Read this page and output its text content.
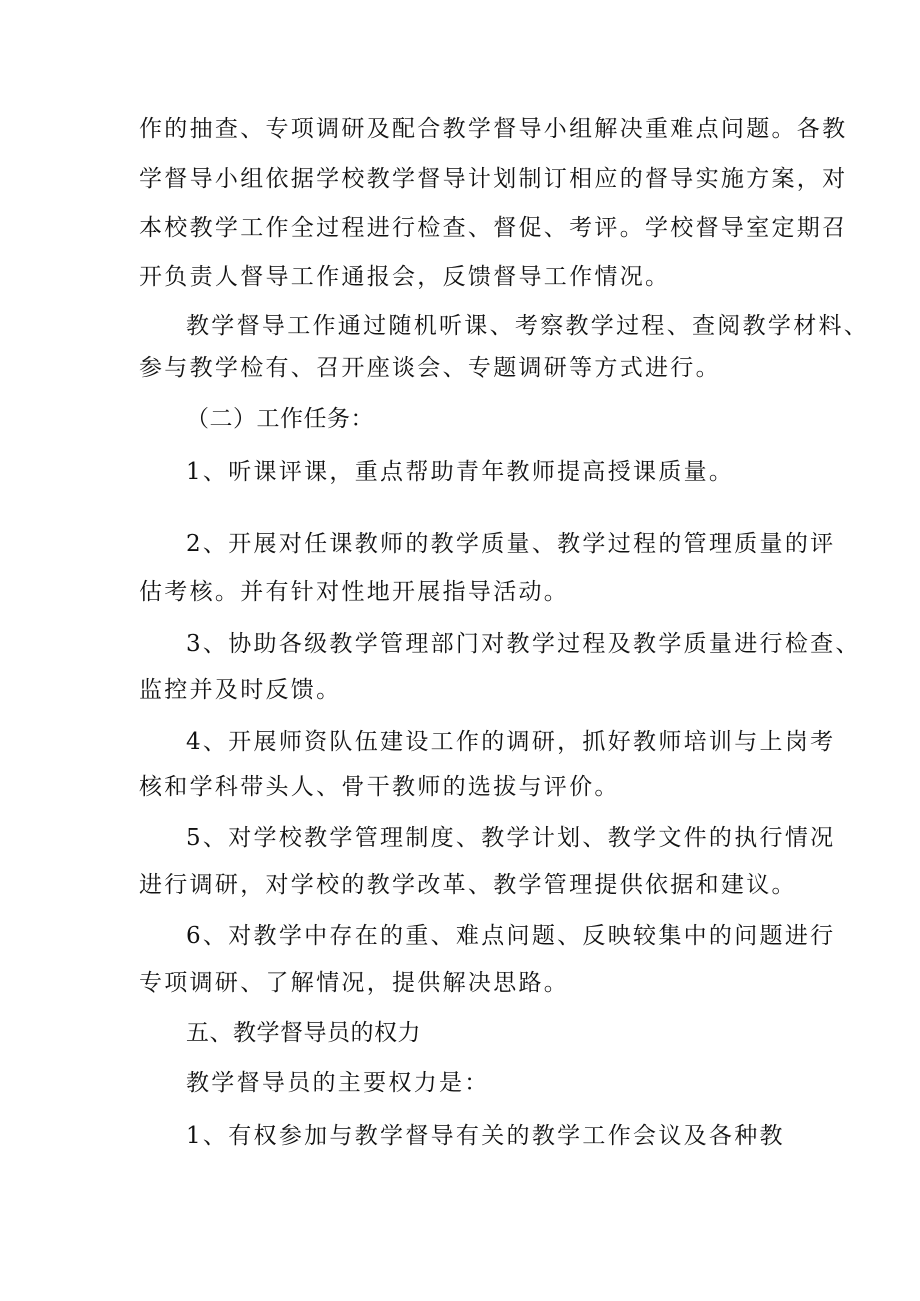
作的抽查、专项调研及配合教学督导小组解决重难点问题。各教
学督导小组依据学校教学督导计划制订相应的督导实施方案，对
本校教学工作全过程进行检查、督促、考评。学校督导室定期召
开负责人督导工作通报会，反馈督导工作情况。
教学督导工作通过随机听课、考察教学过程、查阅教学材料、
参与教学检有、召开座谈会、专题调研等方式进行。
（二）工作任务：
1、听课评课，重点帮助青年教师提高授课质量。
2、开展对任课教师的教学质量、教学过程的管理质量的评
估考核。并有针对性地开展指导活动。
3、协助各级教学管理部门对教学过程及教学质量进行检查、
监控并及时反馈。
4、开展师资队伍建设工作的调研，抓好教师培训与上岗考
核和学科带头人、骨干教师的选拔与评价。
5、对学校教学管理制度、教学计划、教学文件的执行情况
进行调研，对学校的教学改革、教学管理提供依据和建议。
6、对教学中存在的重、难点问题、反映较集中的问题进行
专项调研、了解情况，提供解决思路。
五、教学督导员的权力
教学督导员的主要权力是：
1、有权参加与教学督导有关的教学工作会议及各种教
